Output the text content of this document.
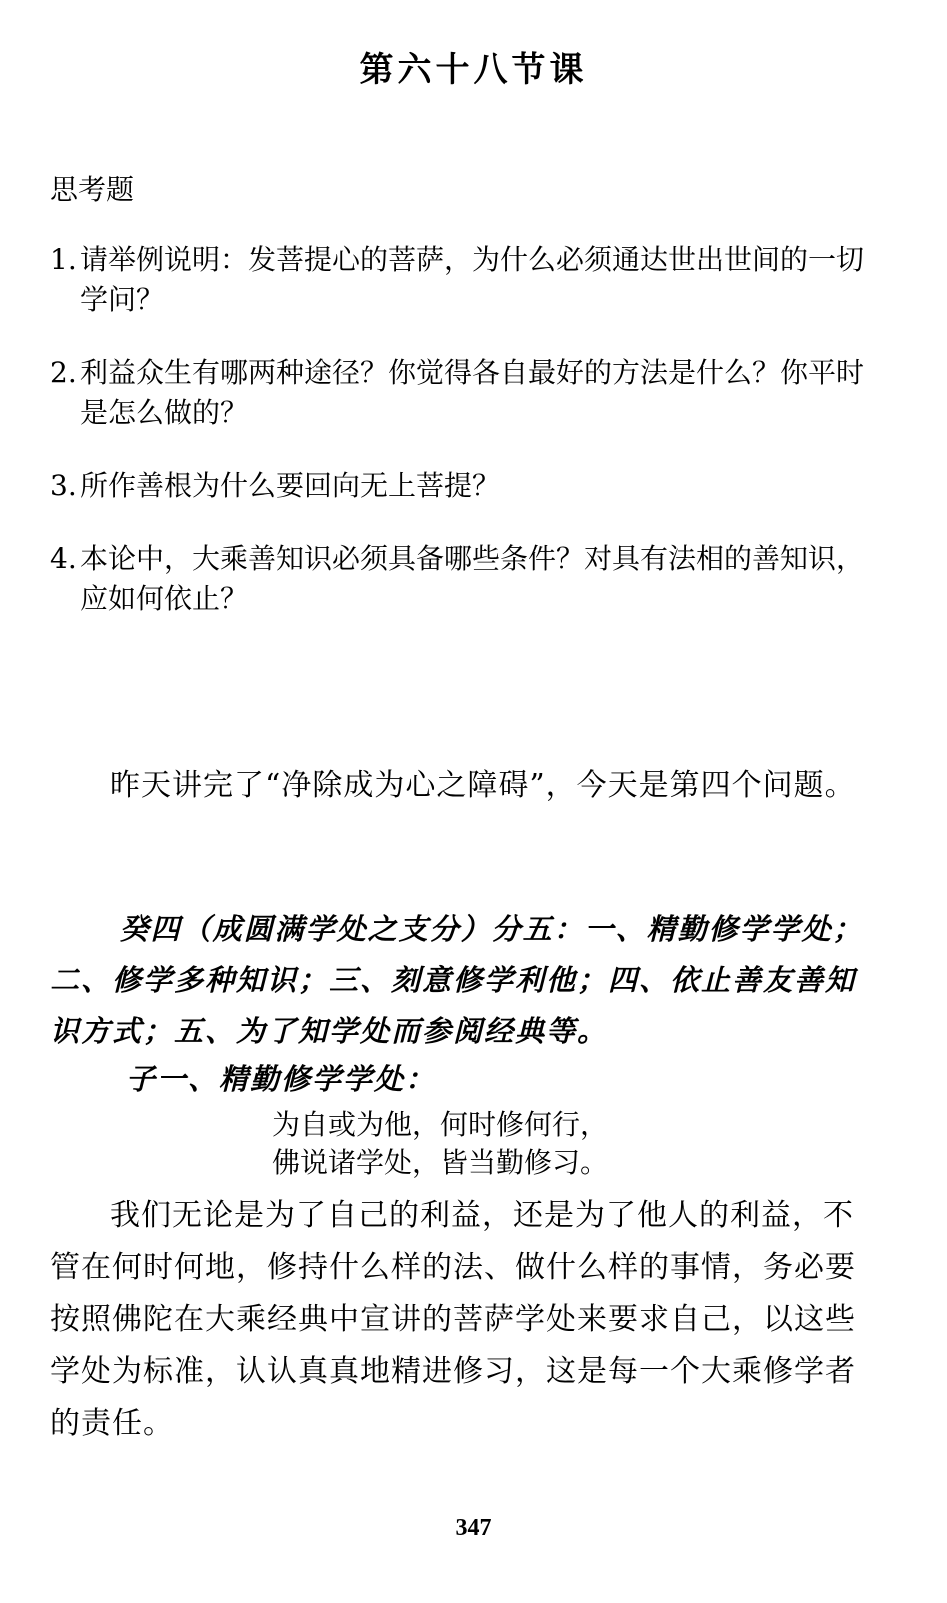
第六十八节课

思考题

1. 请举例说明：发菩提心的菩萨，为什么必须通达世出世间的一切学问？
2. 利益众生有哪两种途径？你觉得各自最好的方法是什么？你平时是怎么做的？
3. 所作善根为什么要回向无上菩提？
4. 本论中，大乘善知识必须具备哪些条件？对具有法相的善知识，应如何依止？

昨天讲完了“净除成为心之障碍”，今天是第四个问题。

癸四（成圆满学处之支分）分五：一、精勤修学学处；二、修学多种知识；三、刻意修学利他；四、依止善友善知识方式；五、为了知学处而参阅经典等。

子一、精勤修学学处：

为自或为他，何时修何行，
佛说诸学处，皆当勤修习。

我们无论是为了自己的利益，还是为了他人的利益，不管在何时何地，修持什么样的法、做什么样的事情，务必要按照佛陀在大乘经典中宣讲的菩萨学处来要求自己，以这些学处为标准，认认真真地精进修习，这是每一个大乘修学者的责任。

347
